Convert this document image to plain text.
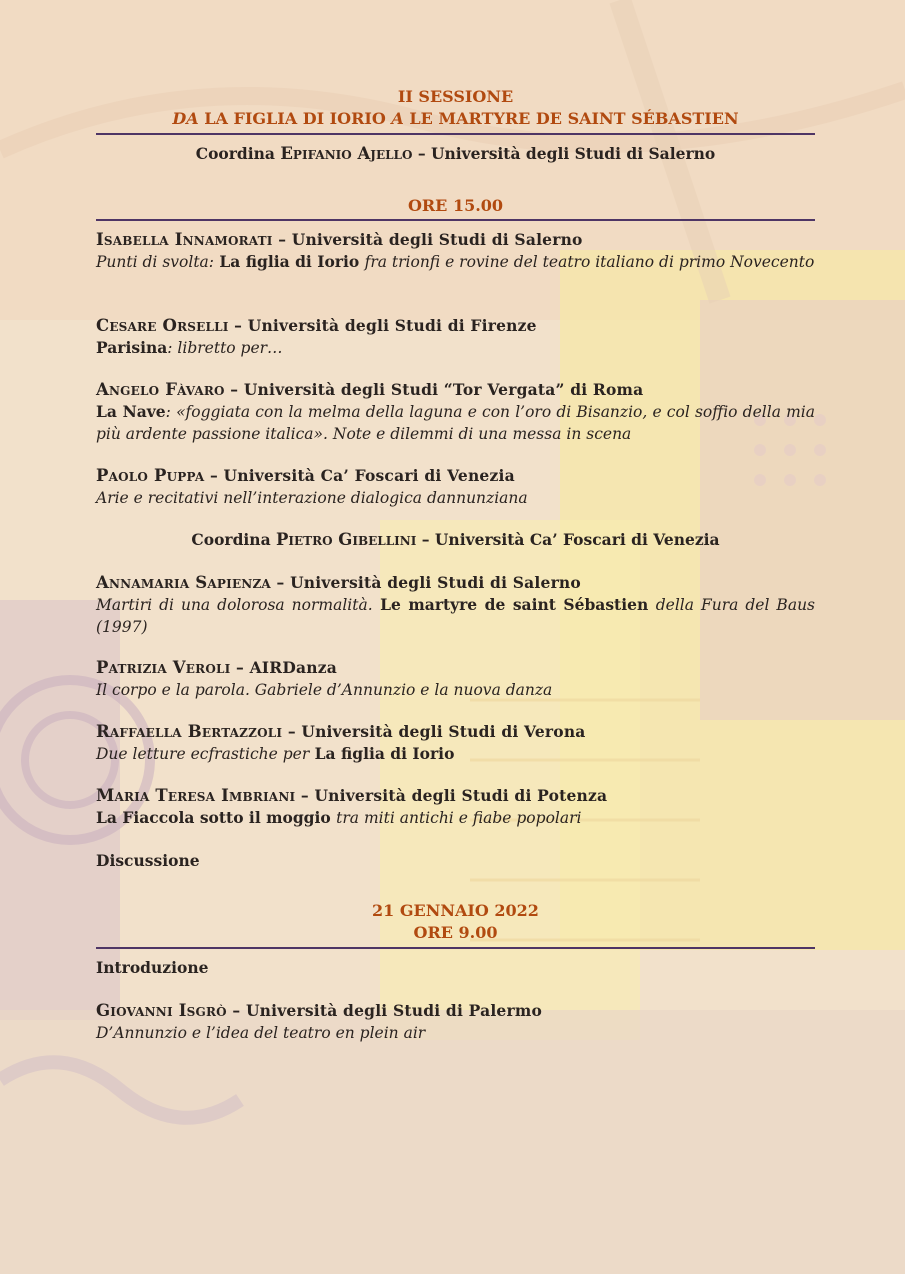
II SESSIONE
DA LA FIGLIA DI IORIO A LE MARTYRE DE SAINT SÉBASTIEN
Coordina Epifanio Ajello – Università degli Studi di Salerno
ORE 15.00
Isabella Innamorati – Università degli Studi di Salerno
Punti di svolta: La figlia di Iorio fra trionfi e rovine del teatro italiano di primo Novecento
Cesare Orselli – Università degli Studi di Firenze
Parisina: libretto per…
Angelo Fàvaro – Università degli Studi “Tor Vergata” di Roma
La Nave: «foggiata con la melma della laguna e con l’oro di Bisanzio, e col soffio della mia più ardente passione italica». Note e dilemmi di una messa in scena
Paolo Puppa – Università Ca’ Foscari di Venezia
Arie e recitativi nell’interazione dialogica dannunziana
Coordina Pietro Gibellini – Università Ca’ Foscari di Venezia
Annamaria Sapienza – Università degli Studi di Salerno
Martiri di una dolorosa normalità. Le martyre de saint Sébastien della Fura del Baus (1997)
Patrizia Veroli – AIRDanza
Il corpo e la parola. Gabriele d’Annunzio e la nuova danza
Raffaella Bertazzoli – Università degli Studi di Verona
Due letture ecfrastiche per La figlia di Iorio
Maria Teresa Imbriani – Università degli Studi di Potenza
La Fiaccola sotto il moggio tra miti antichi e fiabe popolari
Discussione
21 GENNAIO 2022
ORE 9.00
Introduzione
Giovanni Isgrò – Università degli Studi di Palermo
D’Annunzio e l’idea del teatro en plein air
